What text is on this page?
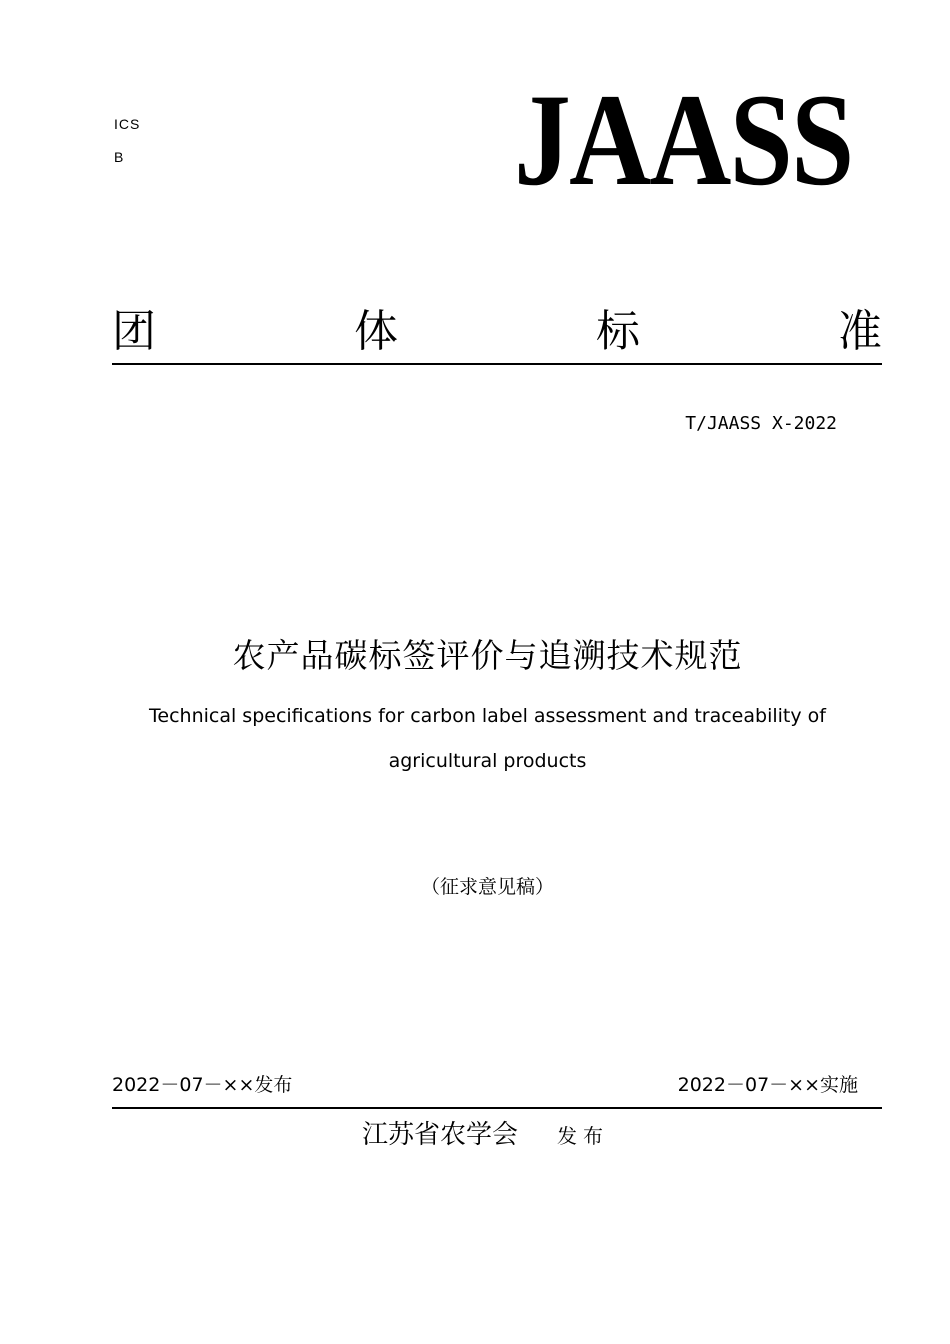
ICS
B	JAASS
团	体	标	准
T/JAASS X-2022
农产品碳标签评价与追溯技术规范
Technical specifications for carbon label assessment and traceability of
agricultural products
（征求意见稿）
2022－07－××发布	2022－07－××实施
江苏省农学会 发布
